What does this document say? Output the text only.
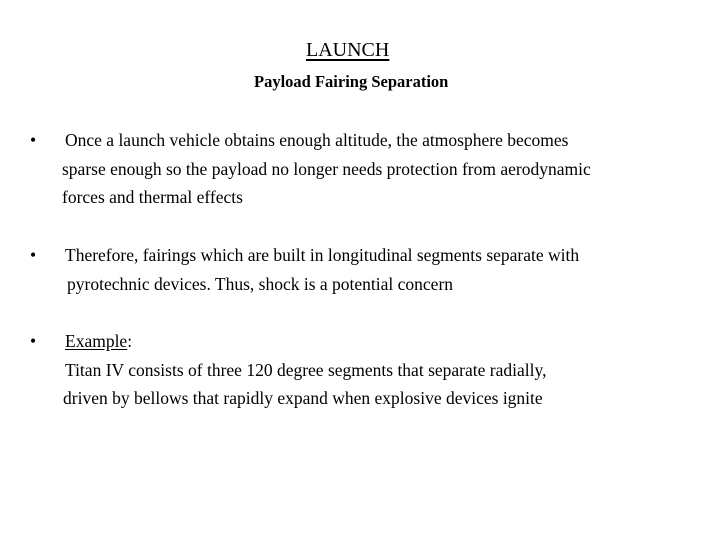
LAUNCH
Payload Fairing Separation
• Once a launch vehicle obtains enough altitude, the atmosphere becomes
sparse enough so the payload no longer needs protection from aerodynamic
forces and thermal effects
• Therefore, fairings which are built in longitudinal segments separate with
pyrotechnic devices. Thus, shock is a potential concern
• Example:
Titan IV consists of three 120 degree segments that separate radially,
driven by bellows that rapidly expand when explosive devices ignite
